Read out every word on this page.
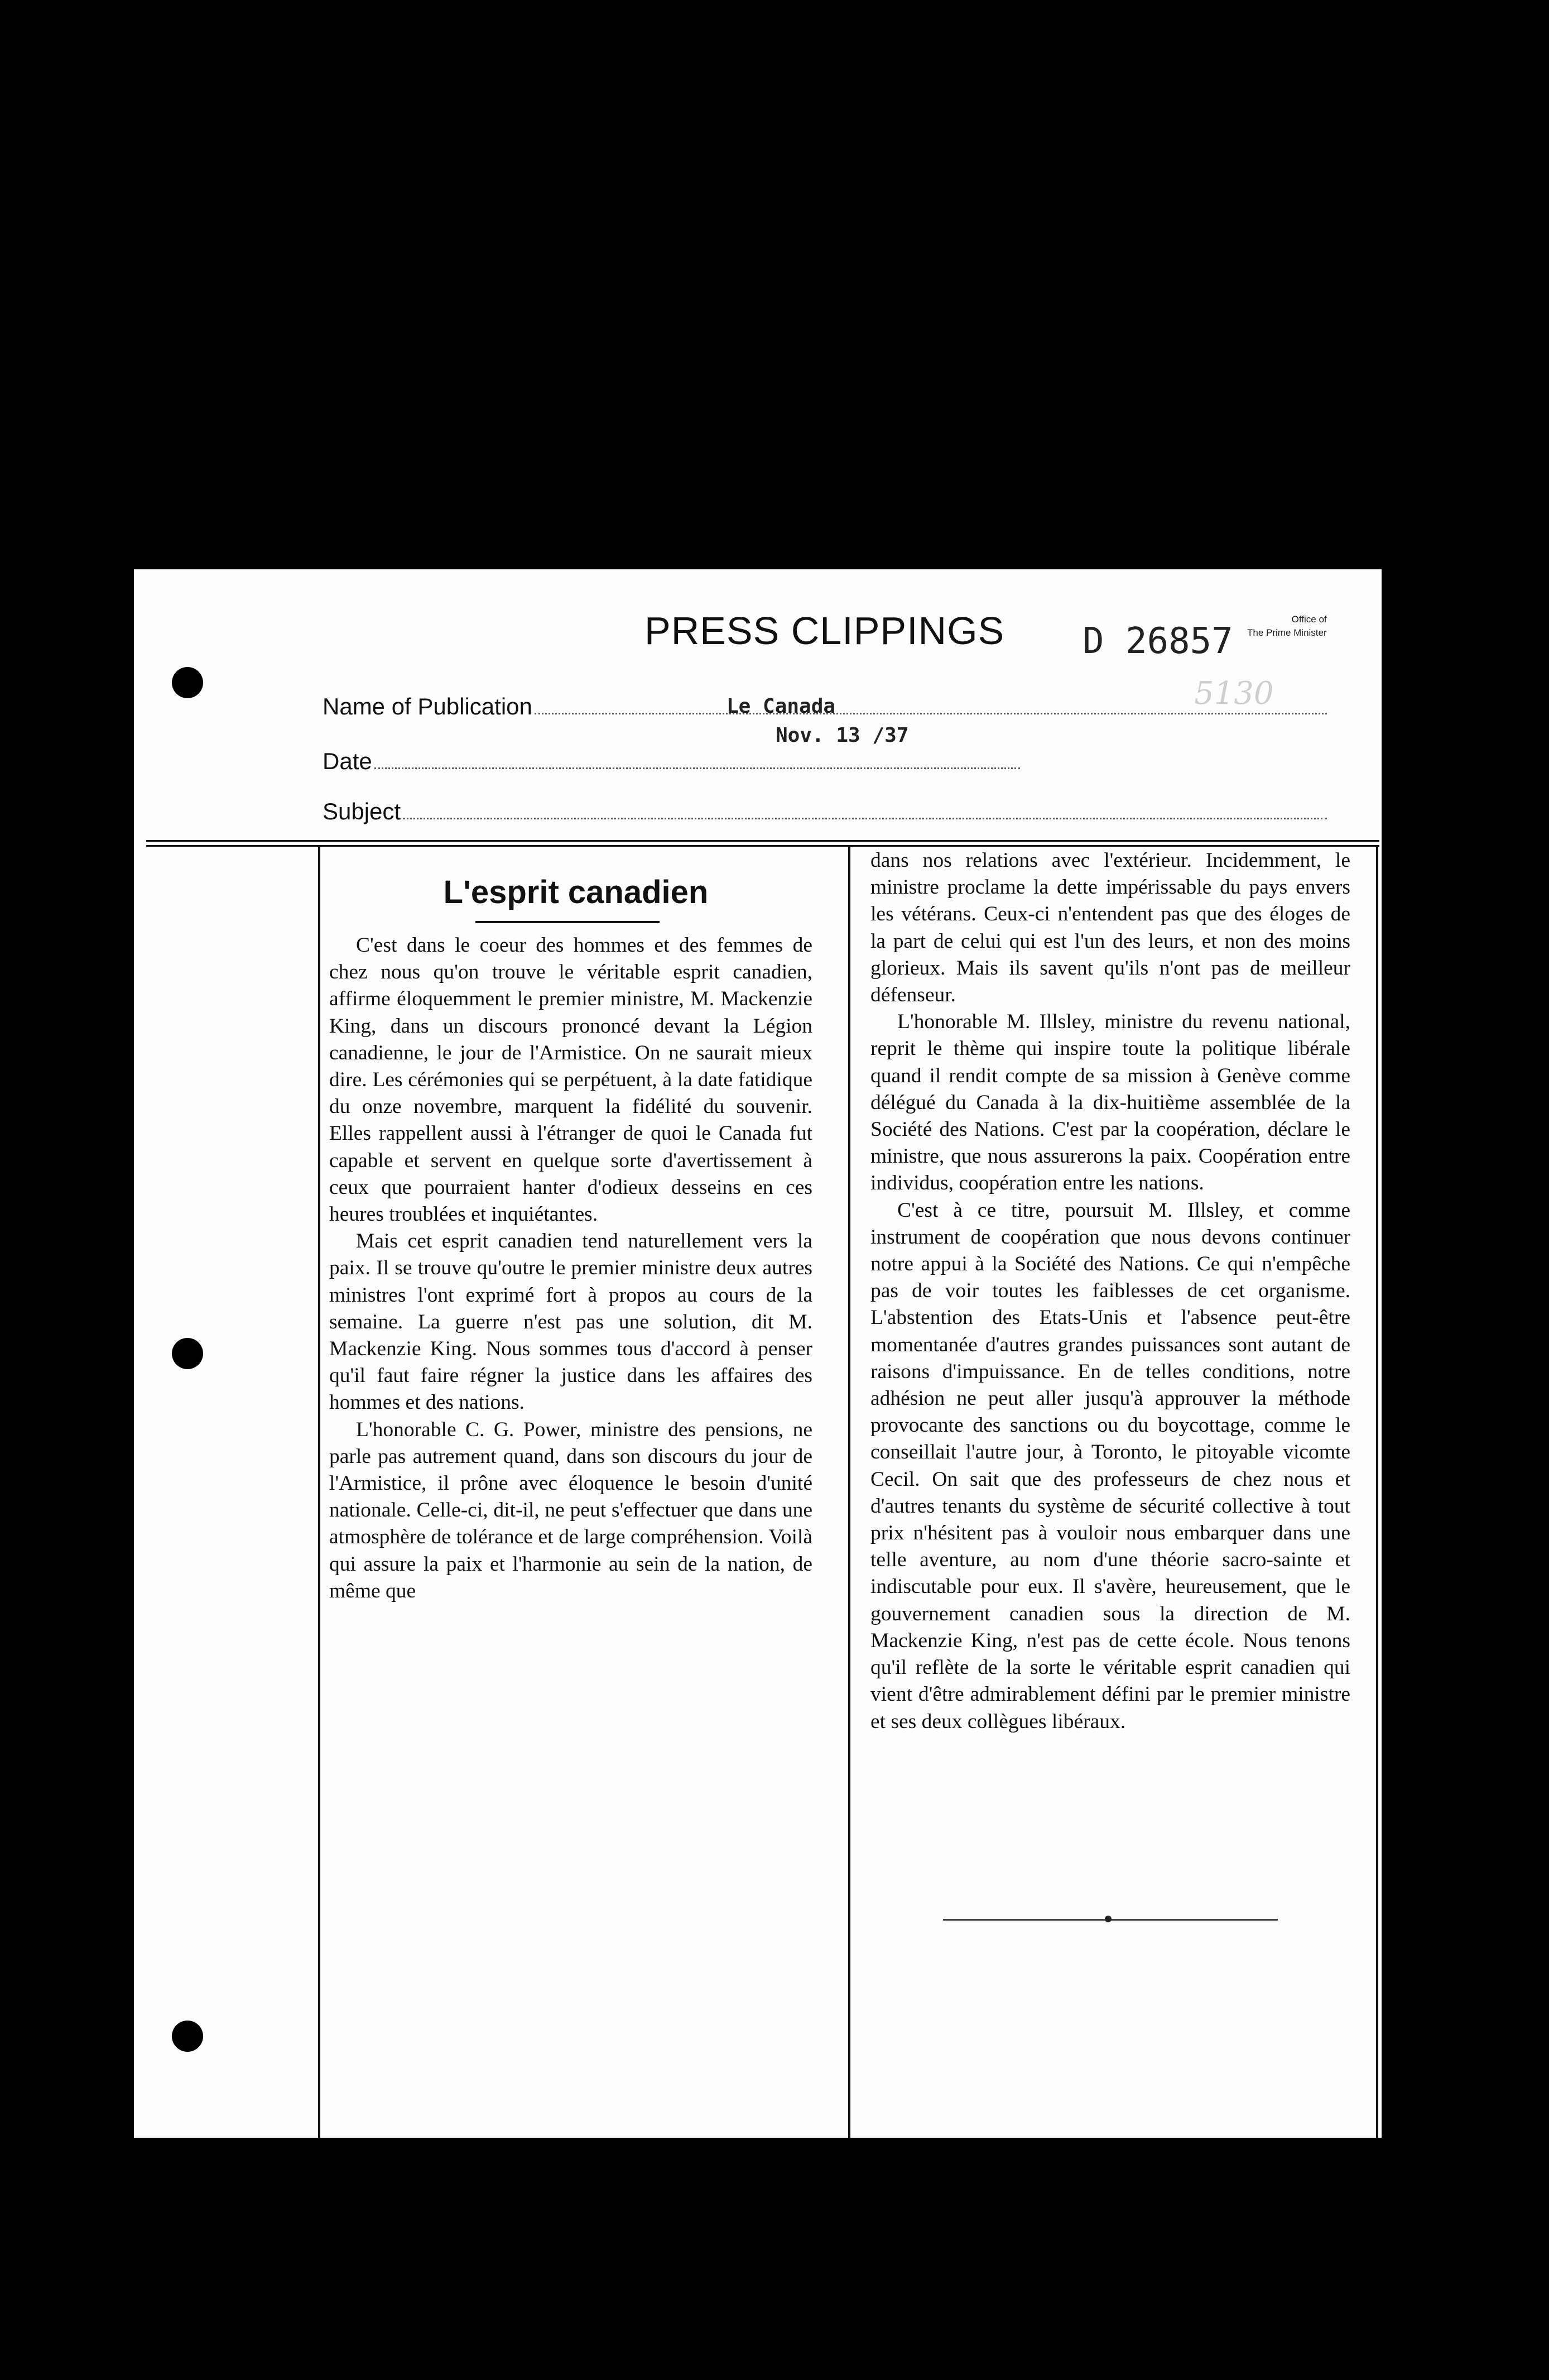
PRESS CLIPPINGS D 26857
Office of
The Prime Minister
5130
Name of Publication	Le Canada
Date
Nov. 13 /37
Subject
L'esprit canadien

C'est dans le coeur des hommes et des femmes de chez nous qu'on trouve le véritable esprit canadien, affirme éloquemment le premier ministre, M. Mackenzie King, dans un discours prononcé devant la Légion canadienne, le jour de l'Armistice. On ne saurait mieux dire. Les cérémonies qui se perpétuent, à la date fatidique du onze novembre, marquent la fidélité du souvenir. Elles rappellent aussi à l'étranger de quoi le Canada fut capable et servent en quelque sorte d'avertissement à ceux que pourraient hanter d'odieux desseins en ces heures troublées et inquiétantes.

Mais cet esprit canadien tend naturellement vers la paix. Il se trouve qu'outre le premier ministre deux autres ministres l'ont exprimé fort à propos au cours de la semaine. La guerre n'est pas une solution, dit M. Mackenzie King. Nous sommes tous d'accord à penser qu'il faut faire régner la justice dans les affaires des hommes et des nations.

L'honorable C. G. Power, ministre des pensions, ne parle pas autrement quand, dans son discours du jour de l'Armistice, il prône avec éloquence le besoin d'unité nationale. Celle-ci, dit-il, ne peut s'effectuer que dans une atmosphère de tolérance et de large compréhension. Voilà qui assure la paix et l'harmonie au sein de la nation, de même que

dans nos relations avec l'extérieur. Incidemment, le ministre proclame la dette impérissable du pays envers les vétérans. Ceux-ci n'entendent pas que des éloges de la part de celui qui est l'un des leurs, et non des moins glorieux. Mais ils savent qu'ils n'ont pas de meilleur défenseur.

L'honorable M. Illsley, ministre du revenu national, reprit le thème qui inspire toute la politique libérale quand il rendit compte de sa mission à Genève comme délégué du Canada à la dix-huitième assemblée de la Société des Nations. C'est par la coopération, déclare le ministre, que nous assurerons la paix. Coopération entre individus, coopération entre les nations.

C'est à ce titre, poursuit M. Illsley, et comme instrument de coopération que nous devons continuer notre appui à la Société des Nations. Ce qui n'empêche pas de voir toutes les faiblesses de cet organisme. L'abstention des Etats-Unis et l'absence peut-être momentanée d'autres grandes puissances sont autant de raisons d'impuissance. En de telles conditions, notre adhésion ne peut aller jusqu'à approuver la méthode provocante des sanctions ou du boycottage, comme le conseillait l'autre jour, à Toronto, le pitoyable vicomte Cecil. On sait que des professeurs de chez nous et d'autres tenants du système de sécurité collective à tout prix n'hésitent pas à vouloir nous embarquer dans une telle aventure, au nom d'une théorie sacro-sainte et indiscutable pour eux. Il s'avère, heureusement, que le gouvernement canadien sous la direction de M. Mackenzie King, n'est pas de cette école. Nous tenons qu'il reflète de la sorte le véritable esprit canadien qui vient d'être admirablement défini par le premier ministre et ses deux collègues libéraux.
